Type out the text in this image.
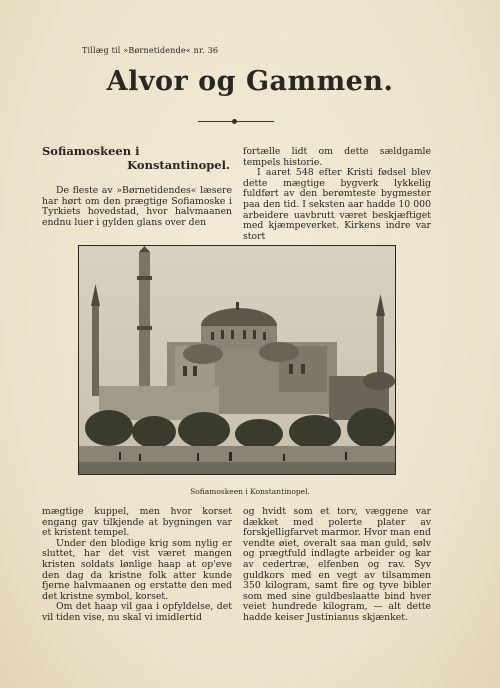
Tillæg til »Børnetidende« nr. 36
Alvor og Gammen.
Sofiamoskeen i
Konstantinopel.

De fleste av »Børnetidendes« læsere har hørt om den prægtige Sofiamoske i Tyrkiets hovedstad, hvor halvmaanen endnu luer i gylden glans over den

fortælle lidt om dette sældgamle tempels historie.

I aaret 548 efter Kristi fødsel blev dette mægtige bygverk lykkelig fuldført av den berømteste bygmester paa den tid. I seksten aar hadde 10 000 arbeidere uavbrutt været beskjæftiget med kjæmpeverket. Kirkens indre var stort

Sofiamoskeen i Konstantinopel.

mægtige kuppel, men hvor korset engang gav tilkjende at bygningen var et kristent tempel.

Under den blodige krig som nylig er sluttet, har det vist været mangen kristen soldats lønlige haap at op'eve den dag da kristne folk atter kunde fjerne halvmaanen og erstatte den med det kristne symbol, korset.

Om det haap vil gaa i opfyldelse, det vil tiden vise, nu skal vi imidlertid

og hvidt som et torv, væggene var dækket med polerte plater av forskjelligfarvet marmor. Hvor man end vendte øiet, overalt saa man guld, sølv og prægtfuld indlagte arbeider og kar av cedertræ, elfenben og rav. Syv guldkors med en vegt av tilsammen 350 kilogram, samt fire og tyve bibler som med sine guldbeslaatte bind hver veiet hundrede kilogram, — alt dette hadde keiser Justinianus skjænket.
